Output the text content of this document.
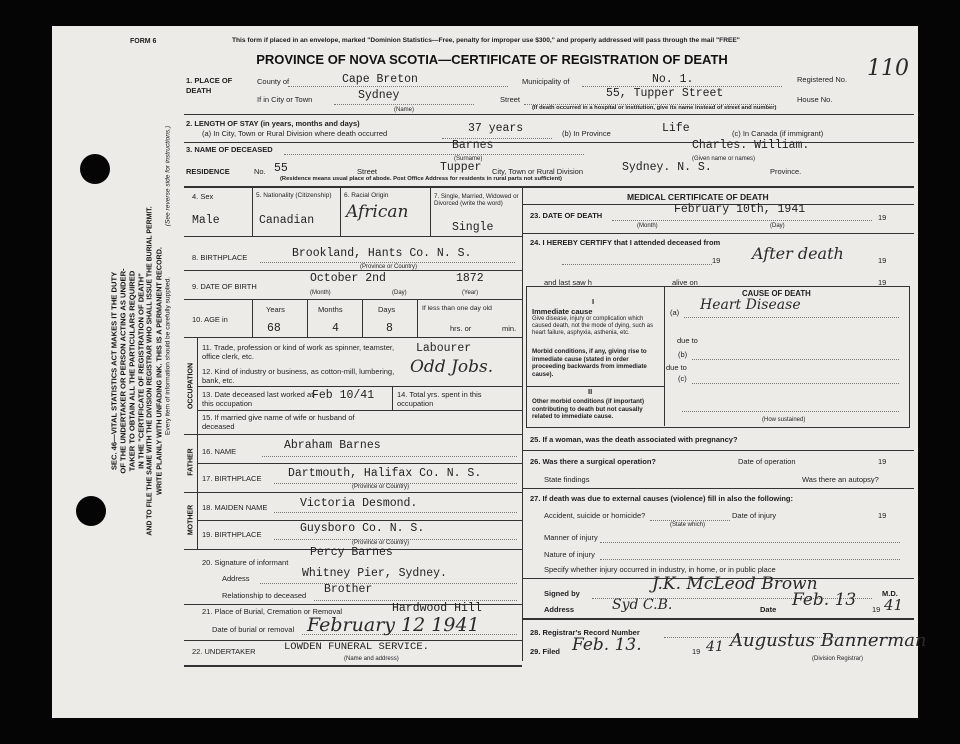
SEC. 46—VITAL STATISTICS ACT MAKES IT THE DUTY OF THE UNDERTAKER OR PERSON ACTING AS UNDER- TAKER TO OBTAIN ALL THE PARTICULARS REQUIRED IN THE "CERTIFICATE OF REGISTRATION OF DEATH" AND TO FILE THE SAME WITH THE DIVISION REGISTRAR WHO SHALL ISSUE THE BURIAL PERMIT. WRITE PLAINLY WITH UNFADING INK. THIS IS A PERMANENT RECORD. Every item of information should be carefully supplied.
(See reverse side for instructions.)
FORM 6	This form if placed in an envelope, marked "Dominion Statistics—Free, penalty for improper use $300," and properly addressed will pass through the mail "FREE"
PROVINCE OF NOVA SCOTIA—CERTIFICATE OF REGISTRATION OF DEATH
Registered No. 110
1. PLACE OF DEATH
County of	Cape Breton	Municipality of	No. 1.
If in City or Town	Sydney	Street	55, Tupper Street	House No.
(Name)	(If death occurred in a hospital or institution, give its name instead of street and number)
2. LENGTH OF STAY (in years, months and days)
(a) In City, Town or Rural Division where death occurred	37 years	(b) In Province	Life	(c) In Canada (if immigrant)
3. NAME OF DECEASED	Barnes	Charles. William.
(Surname)	(Given name or names)
RESIDENCE	No. 55	Street	Tupper City, Town or Rural Division	Sydney. N. S.	Province.
(Residence means usual place of abode. Post Office Address for residents in rural parts not sufficient)
4. Sex
Male
5. Nationality (Citizenship)
Canadian
6. Racial Origin
African
7. Single, Married, Widowed or Divorced (write the word)
Single
8. BIRTHPLACE	Brookland, Hants Co. N. S.
(Province or Country)
9. DATE OF BIRTH
October 2nd	1872
(Month)	(Day)	(Year)
10. AGE in
Years
68
Months
4
Days
8
If less than one day old
hrs. or	min.
OCCUPATION
11. Trade, profession or kind of work as spinner, teamster, office clerk, etc.
Labourer
12. Kind of industry or business, as cotton-mill, lumbering, bank, etc.
Odd Jobs.
13. Date deceased last worked at this occupation
Feb 10/41	14. Total yrs. spent in this occupation
15. If married give name of wife or husband of deceased
FATHER
MOTHER
16. NAME	Abraham Barnes
17. BIRTHPLACE Dartmouth, Halifax Co. N. S.
(Province or Country)
18. MAIDEN NAME	Victoria Desmond.
19. BIRTHPLACE	Guysboro Co. N. S.
(Province or Country)
20. Signature of informant
Percy Barnes
Address	Whitney Pier, Sydney.
Relationship to deceased Brother
21. Place of Burial, Cremation or Removal	Hardwood Hill
Date of burial or removal February 12 1941
22. UNDERTAKER	LOWDEN FUNERAL SERVICE.
(Name and address)
MEDICAL CERTIFICATE OF DEATH
23. DATE OF DEATH	February 10th, 1941
19
(Month)	(Day)
24. I HEREBY CERTIFY that I attended deceased from
19 After death	19
and last saw h	alive on	19
CAUSE OF DEATH
I
Immediate cause
Give disease, injury or complication which caused death, not the mode of dying, such as heart failure, asphyxia, asthenia, etc.
(a) Heart Disease
due to
Morbid conditions, if any, giving rise to immediate cause (stated in order proceeding backwards from immediate cause).
(b)
due to
(c)
II
Other morbid conditions (if important) contributing to death but not causally related to immediate cause.	(How sustained)
25. If a woman, was the death associated with pregnancy?
26. Was there a surgical operation?	Date of operation	19
State findings	Was there an autopsy?
27. If death was due to external causes (violence) fill in also the following:
Accident, suicide or homicide?	Date of injury	19
(State which)
Manner of injury
Nature of injury
Specify whether injury occurred in industry, in home, or in public place
Signed by	J.K. McLeod Brown	M.D.
Address	Syd C.B.	Date Feb. 13 19 41
28. Registrar's Record Number
29. Filed Feb. 13.	19 41 Augustus Bannerman
(Division Registrar)
